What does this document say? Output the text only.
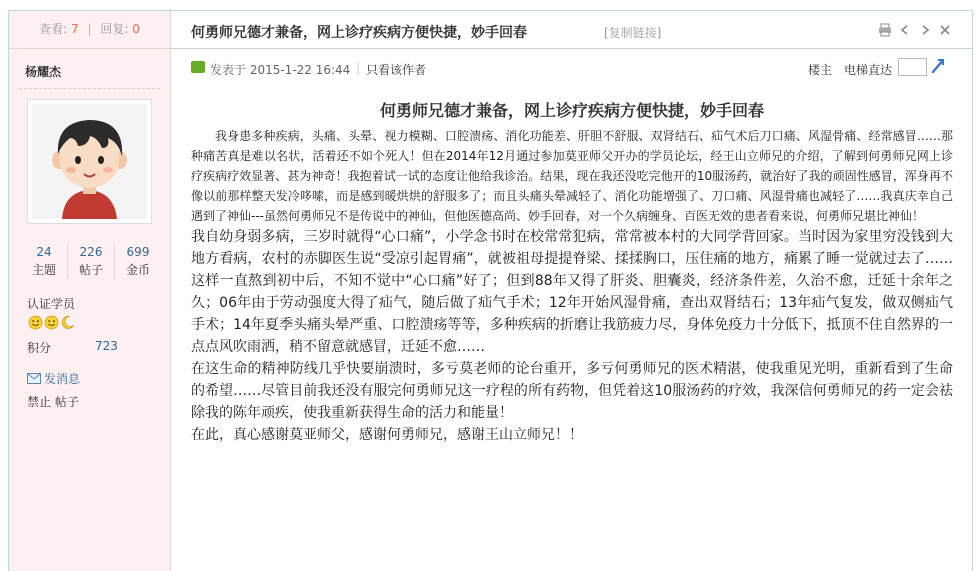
查看: 7 | 回复: 0
杨耀杰
24
主题
226
帖子
699
金币
认证学员
积分	723
发消息
禁止 帖子
何勇师兄德才兼备，网上诊疗疾病方便快捷，妙手回春	[复制链接]
发表于 2015-1-22 16:44 | 只看该作者	楼主 电梯直达
何勇师兄德才兼备，网上诊疗疾病方便快捷，妙手回春

我身患多种疾病，头痛、头晕、视力模糊、口腔溃疡、消化功能差、肝胆不舒服、双肾结石、疝气术后刀口痛、风湿骨痛、经常感冒……那种痛苦真是难以名状，活着还不如个死人！但在2014年12月通过参加莫亚师父开办的学员论坛，经王山立师兄的介绍，了解到何勇师兄网上诊疗疾病疗效显著、甚为神奇！我抱着试一试的态度让他给我诊治。结果，现在我还没吃完他开的10服汤药，就治好了我的顽固性感冒，浑身再不像以前那样整天发冷哆嗦，而是感到暖烘烘的舒服多了；而且头痛头晕减轻了、消化功能增强了、刀口痛、风湿骨痛也减轻了……我真庆幸自己遇到了神仙---虽然何勇师兄不是传说中的神仙，但他医德高尚、妙手回春，对一个久病缠身、百医无效的患者看来说，何勇师兄堪比神仙！

我自幼身弱多病，三岁时就得“心口痛”，小学念书时在校常常犯病，常常被本村的大同学背回家。当时因为家里穷没钱到大地方看病，农村的赤脚医生说“受凉引起胃痛”，就被祖母提提脊梁、揉揉胸口，压住痛的地方，痛累了睡一觉就过去了……这样一直熬到初中后，不知不觉中“心口痛”好了；但到88年又得了肝炎、胆囊炎，经济条件差，久治不愈，迁延十余年之久；06年由于劳动强度大得了疝气，随后做了疝气手术；12年开始风湿骨痛，查出双肾结石；13年疝气复发，做双侧疝气手术；14年夏季头痛头晕严重、口腔溃疡等等，多种疾病的折磨让我筋疲力尽，身体免疫力十分低下，抵顶不住自然界的一点点风吹雨洒，稍不留意就感冒，迁延不愈……

在这生命的精神防线几乎快要崩溃时，多亏莫老师的论台重开，多亏何勇师兄的医术精湛，使我重见光明，重新看到了生命的希望……尽管目前我还没有服完何勇师兄这一疗程的所有药物，但凭着这10服汤药的疗效，我深信何勇师兄的药一定会祛除我的陈年顽疾，使我重新获得生命的活力和能量！

在此，真心感谢莫亚师父，感谢何勇师兄，感谢王山立师兄！！
